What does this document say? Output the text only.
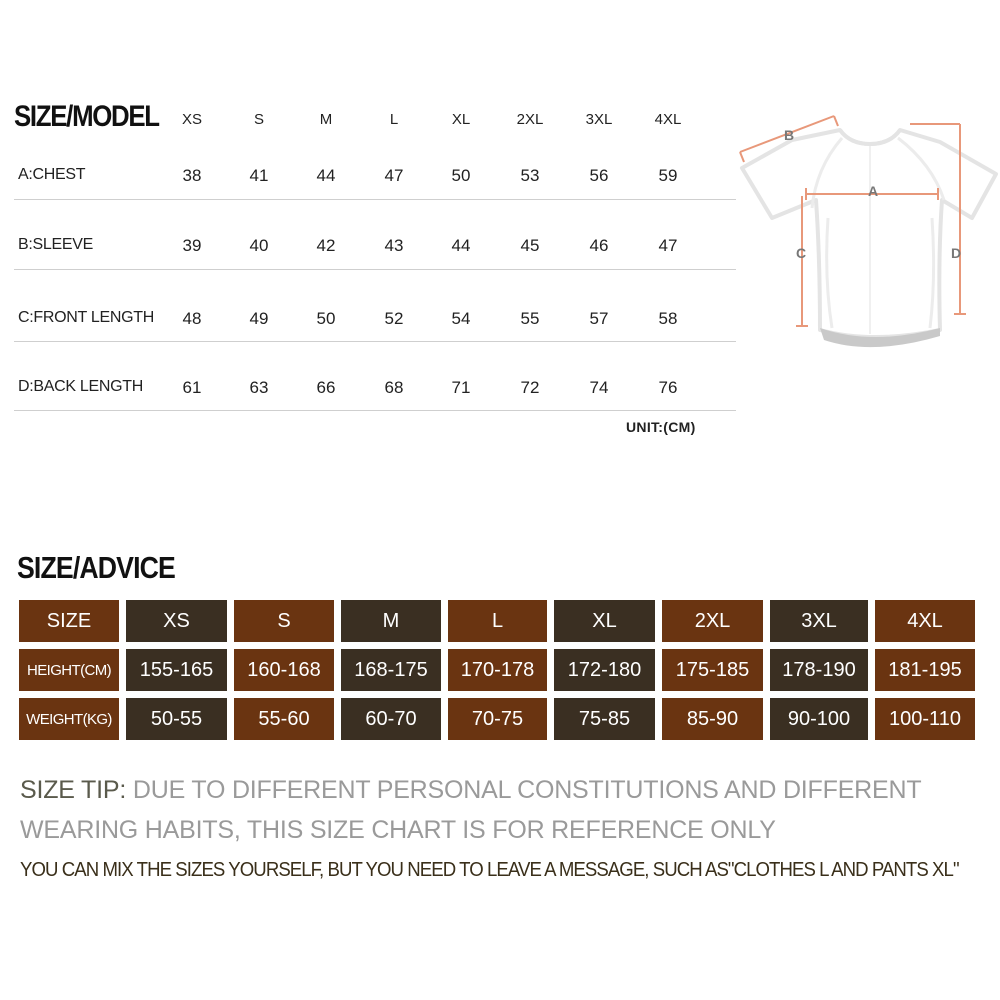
SIZE/MODEL	XS	S	M	L	XL	2XL	3XL	4XL
A:CHEST	38	41	44	47	50	53	56	59
B:SLEEVE	39	40	42	43	44	45	46	47
C:FRONT LENGTH	48	49	50	52	54	55	57	58
D:BACK LENGTH	61	63	66	68	71	72	74	76
UNIT:(CM)
B
A
C	D
SIZE/ADVICE
SIZE	XS	S	M	L	XL	2XL	3XL	4XL
HEIGHT(CM)	155-165	160-168	168-175	170-178	172-180	175-185	178-190	181-195
WEIGHT(KG)	50-55	55-60	60-70	70-75	75-85	85-90	90-100	100-110
SIZE TIP: DUE TO DIFFERENT PERSONAL CONSTITUTIONS AND DIFFERENT WEARING HABITS, THIS SIZE CHART IS FOR REFERENCE ONLY
YOU CAN MIX THE SIZES YOURSELF, BUT YOU NEED TO LEAVE A MESSAGE, SUCH AS"CLOTHES L AND PANTS XL"
